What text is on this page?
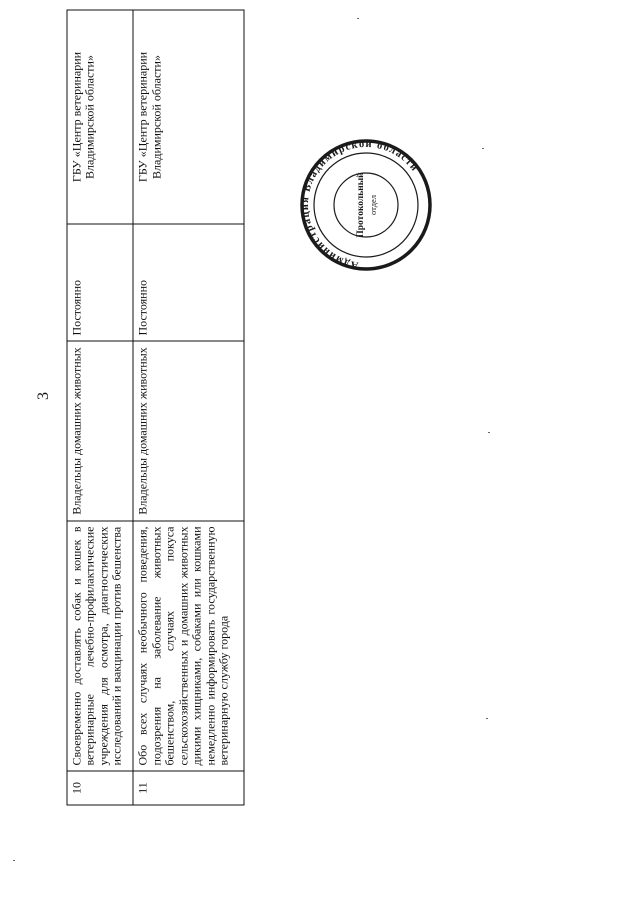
3
10	Своевременно доставлять собак и кошек в ветеринарные лечебно-профилактические учреждения для осмотра, диагностических исследований и вакцинации против бешенства	Владельцы домашних животных	Постоянно	ГБУ «Центр ветеринарии Владимирской области»
11	Обо всех случаях необычного поведения, подозрения на заболевание животных бешенством, случаях покуса сельскохозяйственных и домашних животных дикими хищниками, собаками или кошками немедленно информировать государственную ветеринарную службу города	Владельцы домашних животных	Постоянно	ГБУ «Центр ветеринарии Владимирской области»
Администрация Владимирской области
Протокольный отдел
